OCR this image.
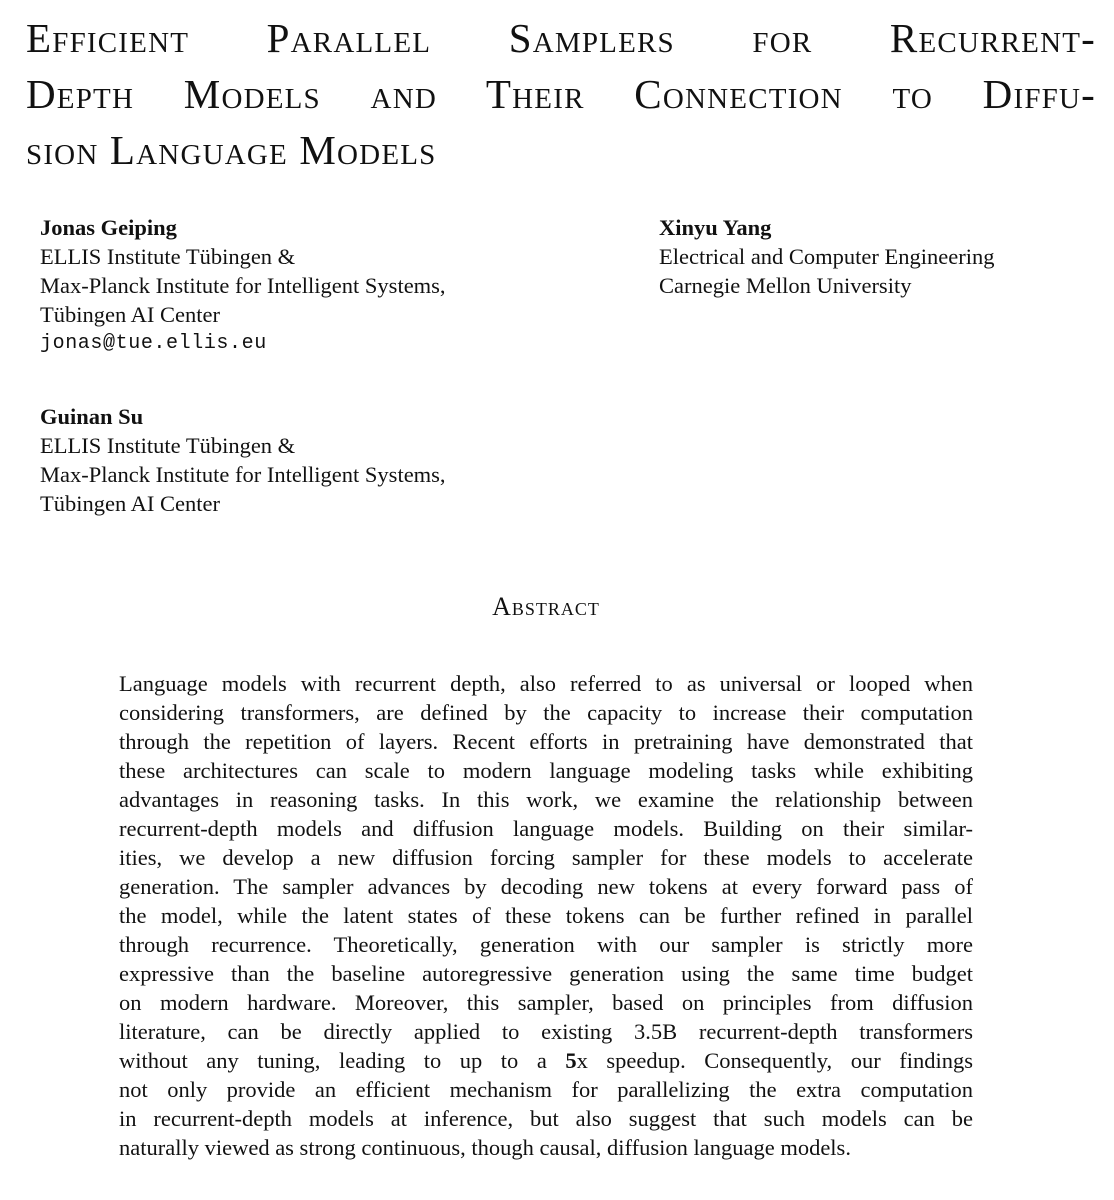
Efficient Parallel Samplers for Recurrent-
Depth Models and Their Connection to Diffu-
sion Language Models
Jonas Geiping
ELLIS Institute Tübingen &
Max-Planck Institute for Intelligent Systems,
Tübingen AI Center
jonas@tue.ellis.eu
Xinyu Yang
Electrical and Computer Engineering
Carnegie Mellon University
Guinan Su
ELLIS Institute Tübingen &
Max-Planck Institute for Intelligent Systems,
Tübingen AI Center
Abstract
Language models with recurrent depth, also referred to as universal or looped when
considering transformers, are defined by the capacity to increase their computation
through the repetition of layers. Recent efforts in pretraining have demonstrated that
these architectures can scale to modern language modeling tasks while exhibiting
advantages in reasoning tasks. In this work, we examine the relationship between
recurrent-depth models and diffusion language models. Building on their similar-
ities, we develop a new diffusion forcing sampler for these models to accelerate
generation. The sampler advances by decoding new tokens at every forward pass of
the model, while the latent states of these tokens can be further refined in parallel
through recurrence. Theoretically, generation with our sampler is strictly more
expressive than the baseline autoregressive generation using the same time budget
on modern hardware. Moreover, this sampler, based on principles from diffusion
literature, can be directly applied to existing 3.5B recurrent-depth transformers
without any tuning, leading to up to a 5x speedup. Consequently, our findings
not only provide an efficient mechanism for parallelizing the extra computation
in recurrent-depth models at inference, but also suggest that such models can be
naturally viewed as strong continuous, though causal, diffusion language models.
